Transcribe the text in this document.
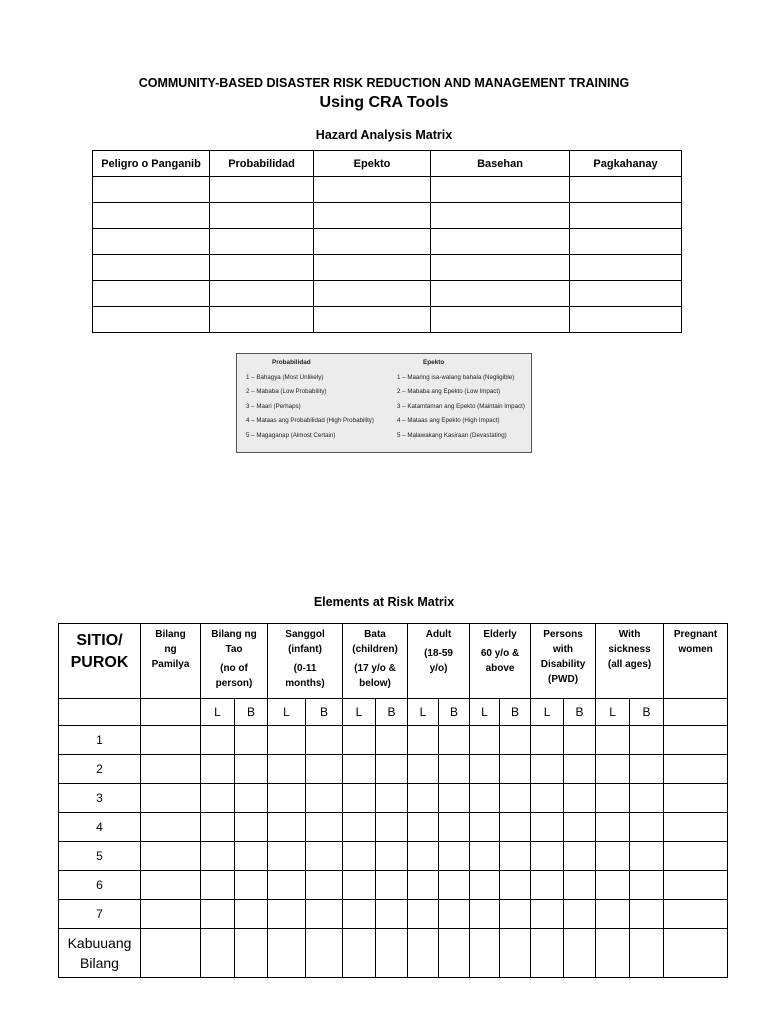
COMMUNITY-BASED DISASTER RISK REDUCTION AND MANAGEMENT TRAINING
Using CRA Tools
Hazard Analysis Matrix
Peligro o Panganib	Probabilidad	Epekto	Basehan	Pagkahanay

Probabilidad
1 – Bahagya (Most Unlikely)
2 – Mababa (Low Probability)
3 – Maari (Perhaps)
4 – Mataas ang Probabilidad (High Probability)
5 – Magaganap (Almost Certain)
Epekto
1 – Maaring isa-walang bahala (Negligible)
2 – Mababa ang Epekto (Low Impact)
3 – Katamtaman ang Epekto (Maintain Impact)
4 – Mataas ang Epekto (High Impact)
5 – Malawakang Kasiraan (Devastating)
Elements at Risk Matrix
SITIO/
PUROK	Bilang
ng
Pamilya	Bilang ng
Tao
(no of
person)		Sanggol
(infant)
(0-11
months)		Bata
(children)
(17 y/o &
below)		Adult
(18-59
y/o)		Elderly
60 y/o &
above		Persons
with
Disability
(PWD)		With
sickness
(all ages)		Pregnant
women
		L	B	L	B	L	B	L	B	L	B	L	B	L	B	
1																
2																
3																
4																
5																
6																
7																
Kabuuang
Bilang																
